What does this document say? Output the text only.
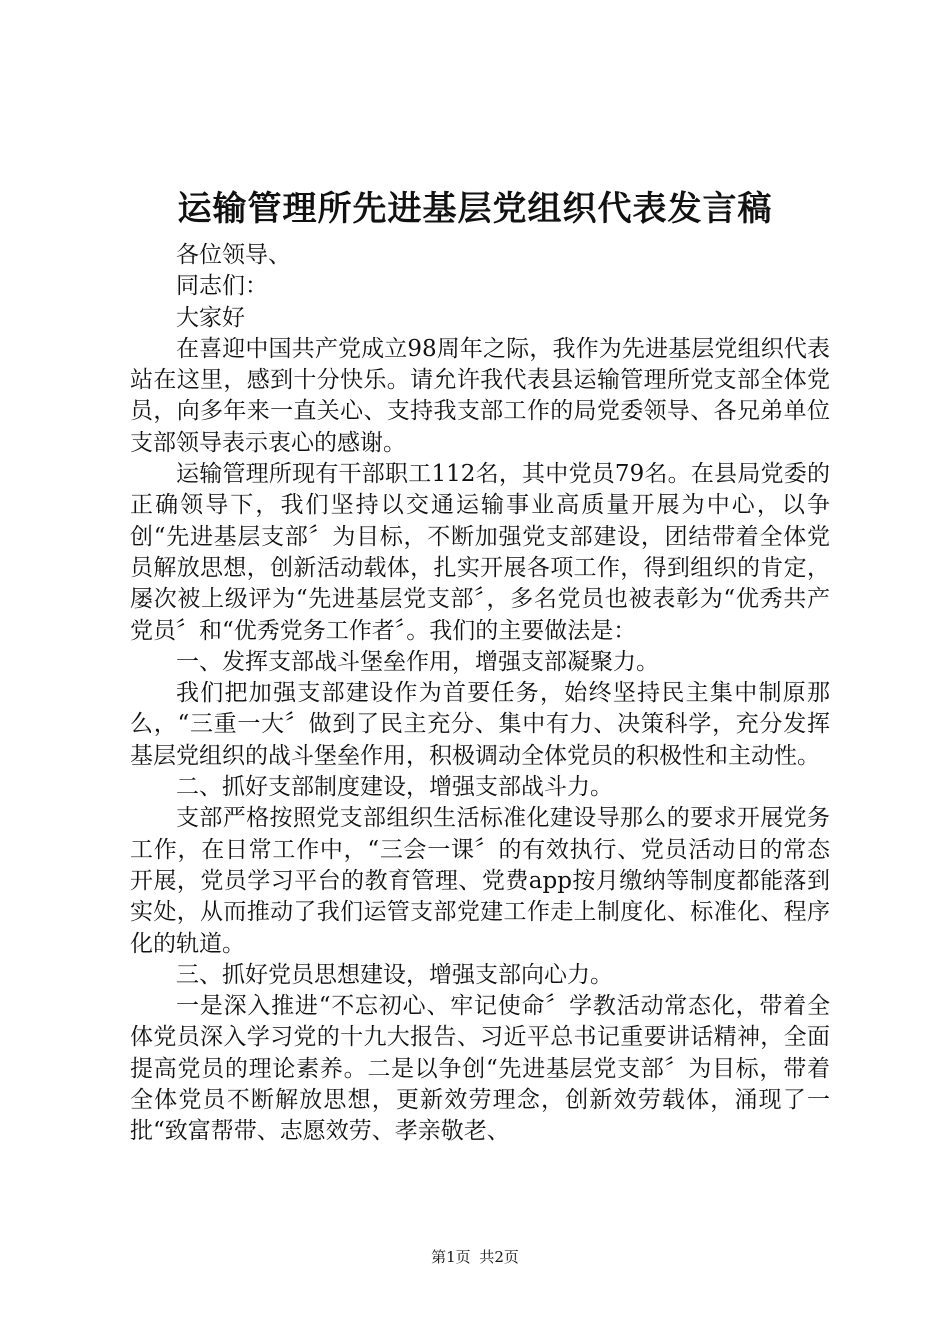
运输管理所先进基层党组织代表发言稿

各位领导、

同志们：

大家好

在喜迎中国共产党成立98周年之际，我作为先进基层党组织代表站在这里，感到十分快乐。请允许我代表县运输管理所党支部全体党员，向多年来一直关心、支持我支部工作的局党委领导、各兄弟单位支部领导表示衷心的感谢。

运输管理所现有干部职工112名，其中党员79名。在县局党委的正确领导下，我们坚持以交通运输事业高质量开展为中心，以争创“先进基层支部〞为目标，不断加强党支部建设，团结带着全体党员解放思想，创新活动载体，扎实开展各项工作，得到组织的肯定，屡次被上级评为“先进基层党支部〞，多名党员也被表彰为“优秀共产党员〞和“优秀党务工作者〞。我们的主要做法是：

一、发挥支部战斗堡垒作用，增强支部凝聚力。

我们把加强支部建设作为首要任务，始终坚持民主集中制原那么，“三重一大〞做到了民主充分、集中有力、决策科学，充分发挥基层党组织的战斗堡垒作用，积极调动全体党员的积极性和主动性。

二、抓好支部制度建设，增强支部战斗力。

支部严格按照党支部组织生活标准化建设导那么的要求开展党务工作，在日常工作中，“三会一课〞的有效执行、党员活动日的常态开展，党员学习平台的教育管理、党费app按月缴纳等制度都能落到实处，从而推动了我们运管支部党建工作走上制度化、标准化、程序化的轨道。

三、抓好党员思想建设，增强支部向心力。

一是深入推进“不忘初心、牢记使命〞学教活动常态化，带着全体党员深入学习党的十九大报告、习近平总书记重要讲话精神，全面提高党员的理论素养。二是以争创“先进基层党支部〞为目标，带着全体党员不断解放思想，更新效劳理念，创新效劳载体，涌现了一批“致富帮带、志愿效劳、孝亲敬老、

第1页 共2页
